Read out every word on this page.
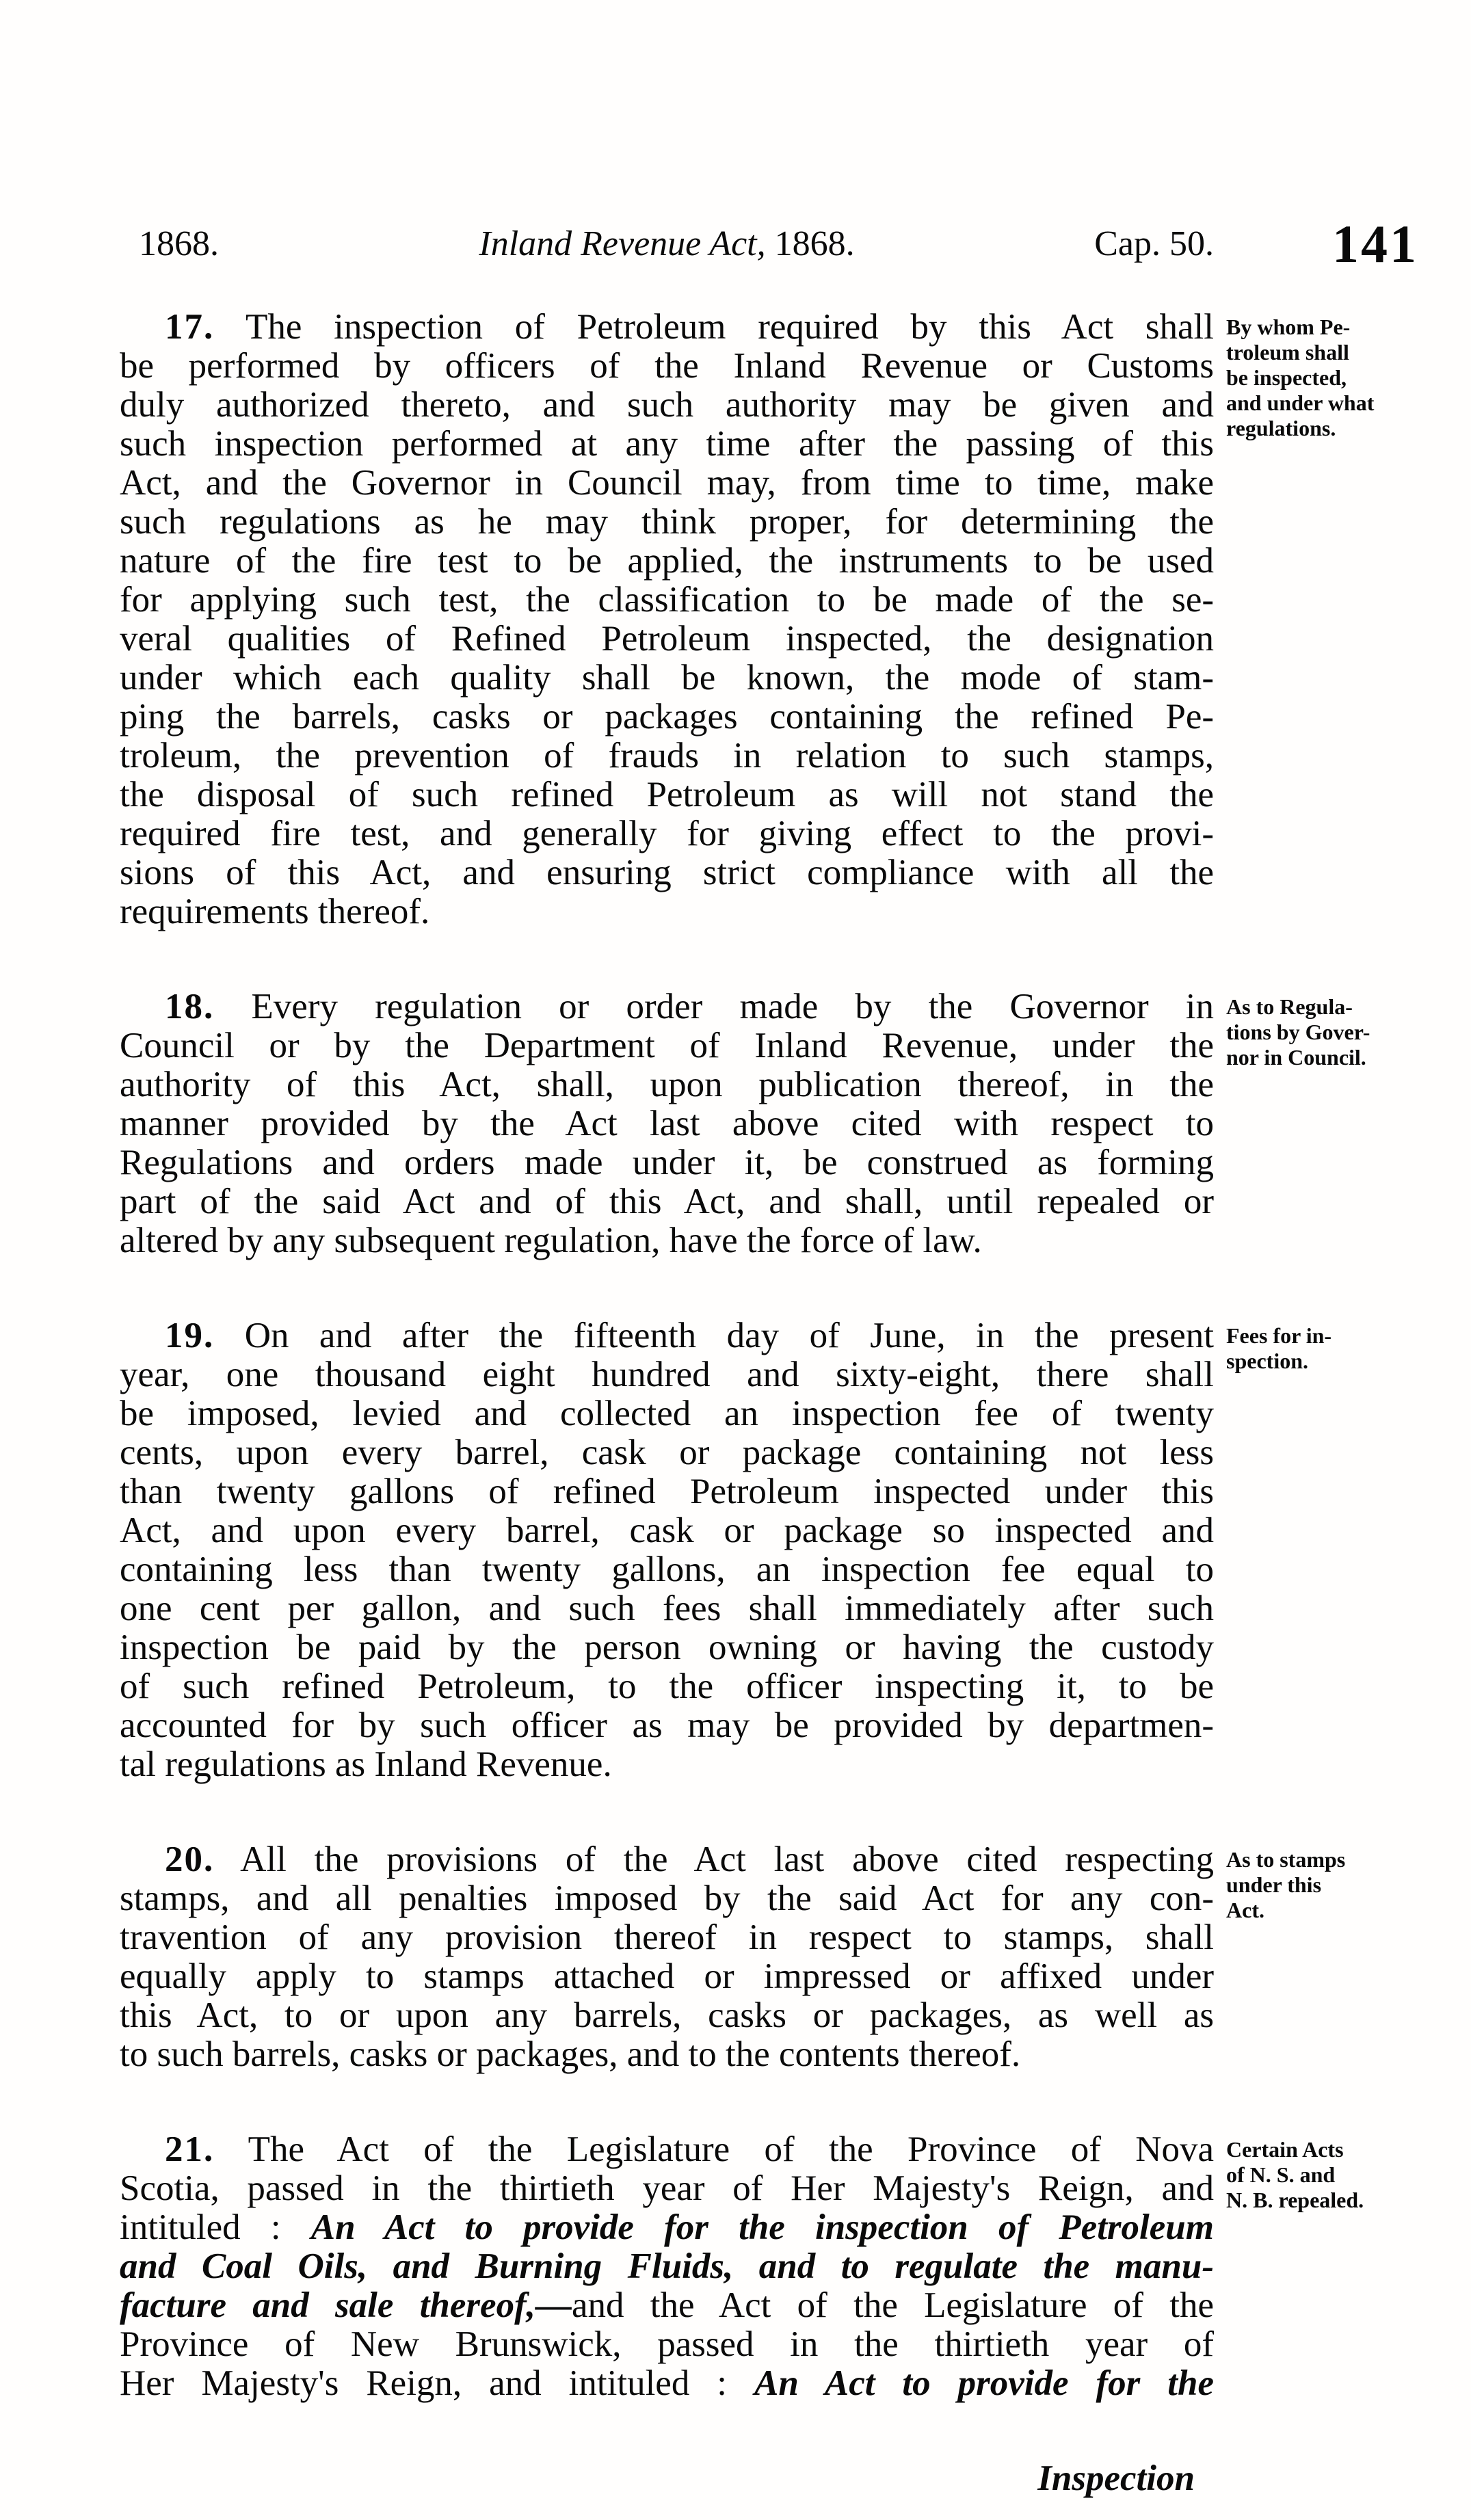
1868.	Inland Revenue Act, 1868.	Cap. 50. 141
17. The inspection of Petroleum required by this Act shall
be performed by officers of the Inland Revenue or Customs
duly authorized thereto, and such authority may be given and
such inspection performed at any time after the passing of this
Act, and the Governor in Council may, from time to time, make
such regulations as he may think proper, for determining the
nature of the fire test to be applied, the instruments to be used
for applying such test, the classification to be made of the se-
veral qualities of Refined Petroleum inspected, the designation
under which each quality shall be known, the mode of stam-
ping the barrels, casks or packages containing the refined Pe-
troleum, the prevention of frauds in relation to such stamps,
the disposal of such refined Petroleum as will not stand the
required fire test, and generally for giving effect to the provi-
sions of this Act, and ensuring strict compliance with all the
requirements thereof.
By whom Pe-
troleum shall
be inspected,
and under what
regulations.
18. Every regulation or order made by the Governor in
Council or by the Department of Inland Revenue, under the
authority of this Act, shall, upon publication thereof, in the
manner provided by the Act last above cited with respect to
Regulations and orders made under it, be construed as forming
part of the said Act and of this Act, and shall, until repealed or
altered by any subsequent regulation, have the force of law.
As to Regula-
tions by Gover-
nor in Council.
19. On and after the fifteenth day of June, in the present
year, one thousand eight hundred and sixty-eight, there shall
be imposed, levied and collected an inspection fee of twenty
cents, upon every barrel, cask or package containing not less
than twenty gallons of refined Petroleum inspected under this
Act, and upon every barrel, cask or package so inspected and
containing less than twenty gallons, an inspection fee equal to
one cent per gallon, and such fees shall immediately after such
inspection be paid by the person owning or having the custody
of such refined Petroleum, to the officer inspecting it, to be
accounted for by such officer as may be provided by departmen-
tal regulations as Inland Revenue.
Fees for in-
spection.
20. All the provisions of the Act last above cited respecting
stamps, and all penalties imposed by the said Act for any con-
travention of any provision thereof in respect to stamps, shall
equally apply to stamps attached or impressed or affixed under
this Act, to or upon any barrels, casks or packages, as well as
to such barrels, casks or packages, and to the contents thereof.
As to stamps
under this
Act.
21. The Act of the Legislature of the Province of Nova
Scotia, passed in the thirtieth year of Her Majesty's Reign, and
intituled : An Act to provide for the inspection of Petroleum
and Coal Oils, and Burning Fluids, and to regulate the manu-
facture and sale thereof,—and the Act of the Legislature of the
Province of New Brunswick, passed in the thirtieth year of
Her Majesty's Reign, and intituled : An Act to provide for the
Certain Acts
of N. S. and
N. B. repealed.
Inspection
